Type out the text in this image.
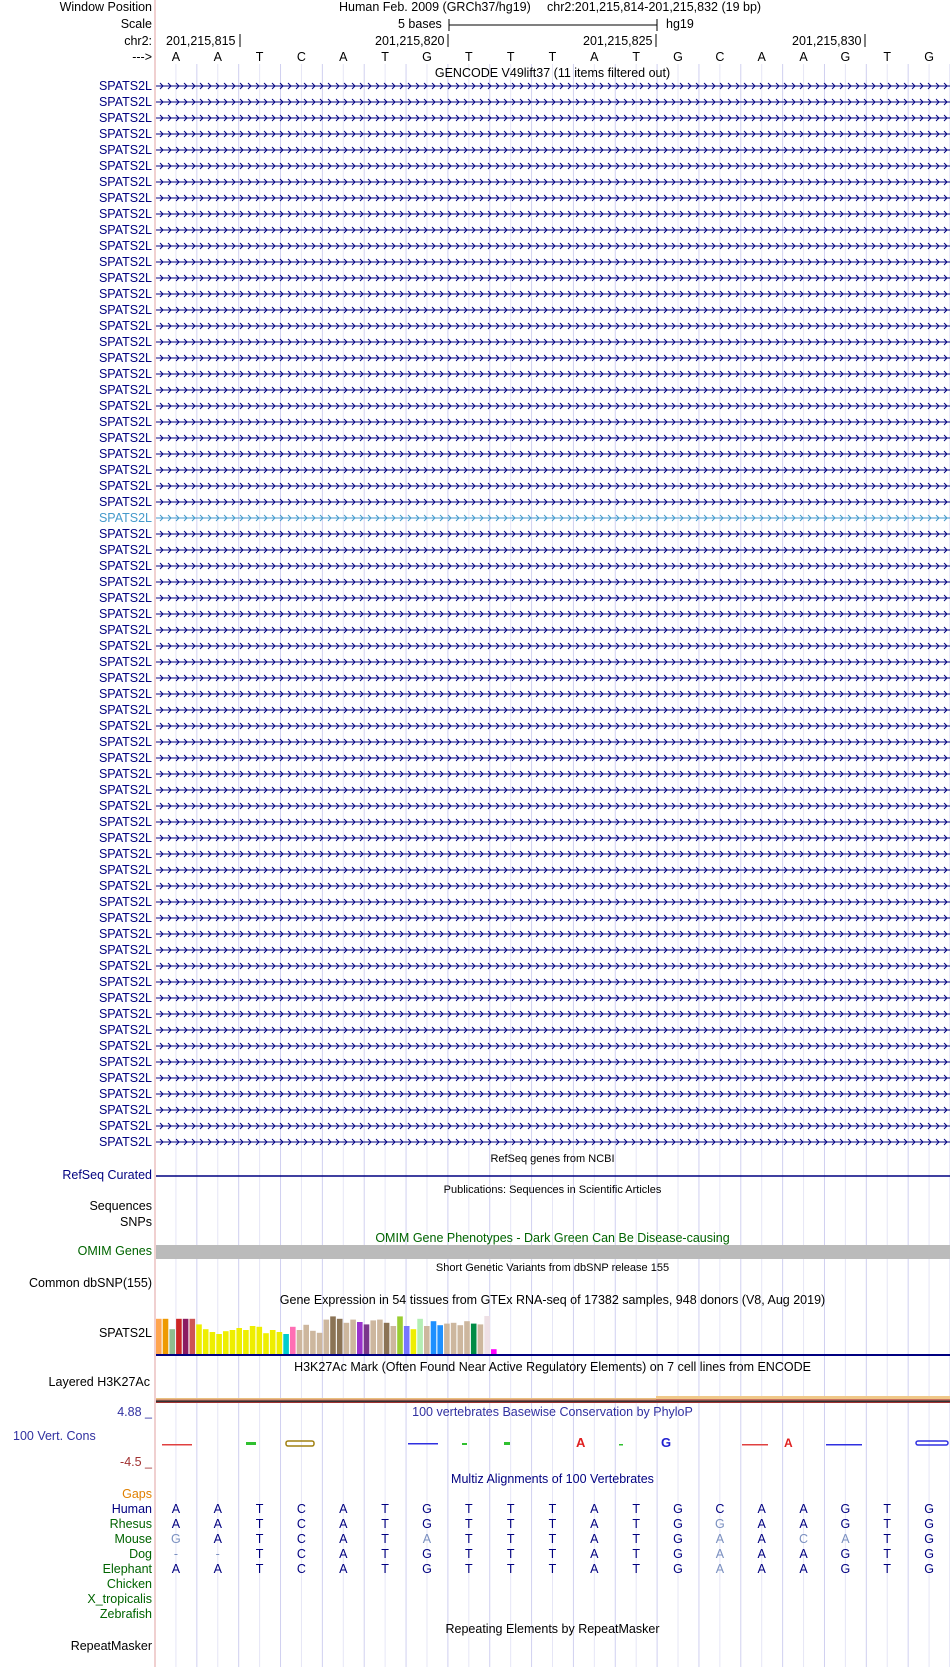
Window Position	Human Feb. 2009 (GRCh37/hg19) chr2:201,215,814-201,215,832 (19 bp)
Scale	5 bases	hg19
chr2: 201,215,815	201,215,820	201,215,825	201,215,830
--->	A	A	T	C	A	T	G	T	T	T	A	T	G	C	A	A	G	T	G
GENCODE V49lift37 (11 items filtered out)
SPATS2L
SPATS2L
SPATS2L
SPATS2L
SPATS2L
SPATS2L
SPATS2L
SPATS2L
SPATS2L
SPATS2L
SPATS2L
SPATS2L
SPATS2L
SPATS2L
SPATS2L
SPATS2L
SPATS2L
SPATS2L
SPATS2L
SPATS2L
SPATS2L
SPATS2L
SPATS2L
SPATS2L
SPATS2L
SPATS2L
SPATS2L
SPATS2L
SPATS2L
SPATS2L
SPATS2L
SPATS2L
SPATS2L
SPATS2L
SPATS2L
SPATS2L
SPATS2L
SPATS2L
SPATS2L
SPATS2L
SPATS2L
SPATS2L
SPATS2L
SPATS2L
SPATS2L
SPATS2L
SPATS2L
SPATS2L
SPATS2L
SPATS2L
SPATS2L
SPATS2L
SPATS2L
SPATS2L
SPATS2L
SPATS2L
SPATS2L
SPATS2L
SPATS2L
SPATS2L
SPATS2L
SPATS2L
SPATS2L
SPATS2L
SPATS2L
SPATS2L
SPATS2L
RefSeq genes from NCBI
RefSeq Curated
Publications: Sequences in Scientific Articles
Sequences
SNPs
OMIM Gene Phenotypes - Dark Green Can Be Disease-causing
OMIM Genes
Short Genetic Variants from dbSNP release 155
Common dbSNP(155)
Gene Expression in 54 tissues from GTEx RNA-seq of 17382 samples, 948 donors (V8, Aug 2019)
SPATS2L
H3K27Ac Mark (Often Found Near Active Regulatory Elements) on 7 cell lines from ENCODE
Layered H3K27Ac
4.88 _	100 vertebrates Basewise Conservation by PhyloP
100 Vert. Cons
-4.5 _
A	G	A
Multiz Alignments of 100 Vertebrates
Gaps
Human	A	A	T	C	A	T	G	T	T	T	A	T	G	C	A	A	G	T	G
Rhesus	A	A	T	C	A	T	G	T	T	T	A	T	G	G	A	A	G	T	G
Mouse	G	A	T	C	A	T	A	T	T	T	A	T	G	A	A	C	A	T	G
Dog	-	-	T	C	A	T	G	T	T	T	A	T	G	A	A	A	G	T	G
Elephant	A	A	T	C	A	T	G	T	T	T	A	T	G	A	A	A	G	T	G
Chicken
X_tropicalis
Zebrafish
Repeating Elements by RepeatMasker
RepeatMasker
